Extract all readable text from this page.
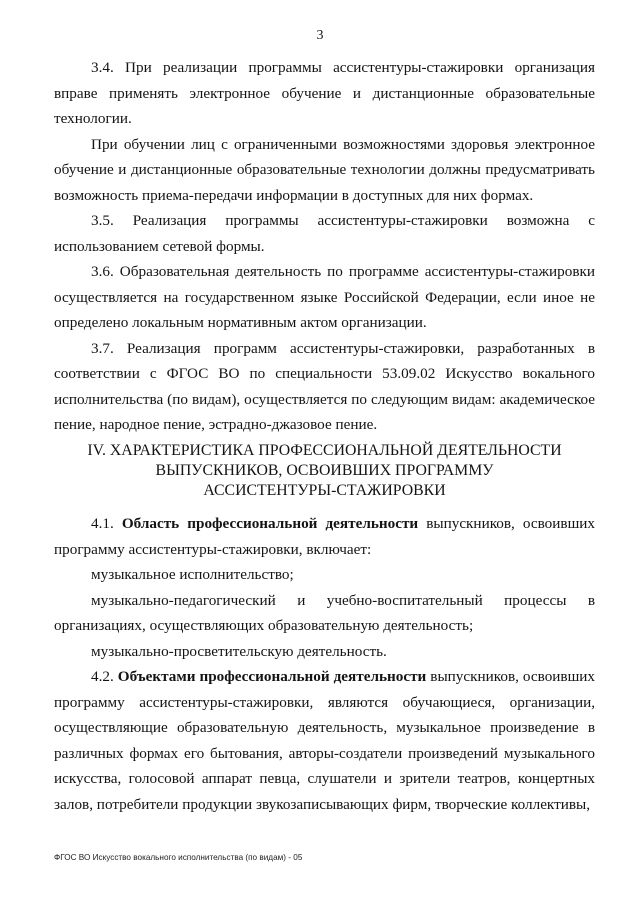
3

3.4. При реализации программы ассистентуры-стажировки организация вправе применять электронное обучение и дистанционные образовательные технологии.

При обучении лиц с ограниченными возможностями здоровья электронное обучение и дистанционные образовательные технологии должны предусматривать возможность приема-передачи информации в доступных для них формах.

3.5. Реализация программы ассистентуры-стажировки возможна с использованием сетевой формы.

3.6. Образовательная деятельность по программе ассистентуры-стажировки осуществляется на государственном языке Российской Федерации, если иное не определено локальным нормативным актом организации.

3.7. Реализация программ ассистентуры-стажировки, разработанных в соответствии с ФГОС ВО по специальности 53.09.02 Искусство вокального исполнительства (по видам), осуществляется по следующим видам: академическое пение, народное пение, эстрадно-джазовое пение.

IV. ХАРАКТЕРИСТИКА ПРОФЕССИОНАЛЬНОЙ ДЕЯТЕЛЬНОСТИ
ВЫПУСКНИКОВ, ОСВОИВШИХ ПРОГРАММУ
АССИСТЕНТУРЫ-СТАЖИРОВКИ

4.1. Область профессиональной деятельности выпускников, освоивших программу ассистентуры-стажировки, включает:

музыкальное исполнительство;

музыкально-педагогический и учебно-воспитательный процессы в организациях, осуществляющих образовательную деятельность;

музыкально-просветительскую деятельность.

4.2. Объектами профессиональной деятельности выпускников, освоивших программу ассистентуры-стажировки, являются обучающиеся, организации, осуществляющие образовательную деятельность, музыкальное произведение в различных формах его бытования, авторы-создатели произведений музыкального искусства, голосовой аппарат певца, слушатели и зрители театров, концертных залов, потребители продукции звукозаписывающих фирм, творческие коллективы,

ФГОС ВО Искусство вокального исполнительства (по видам) - 05
